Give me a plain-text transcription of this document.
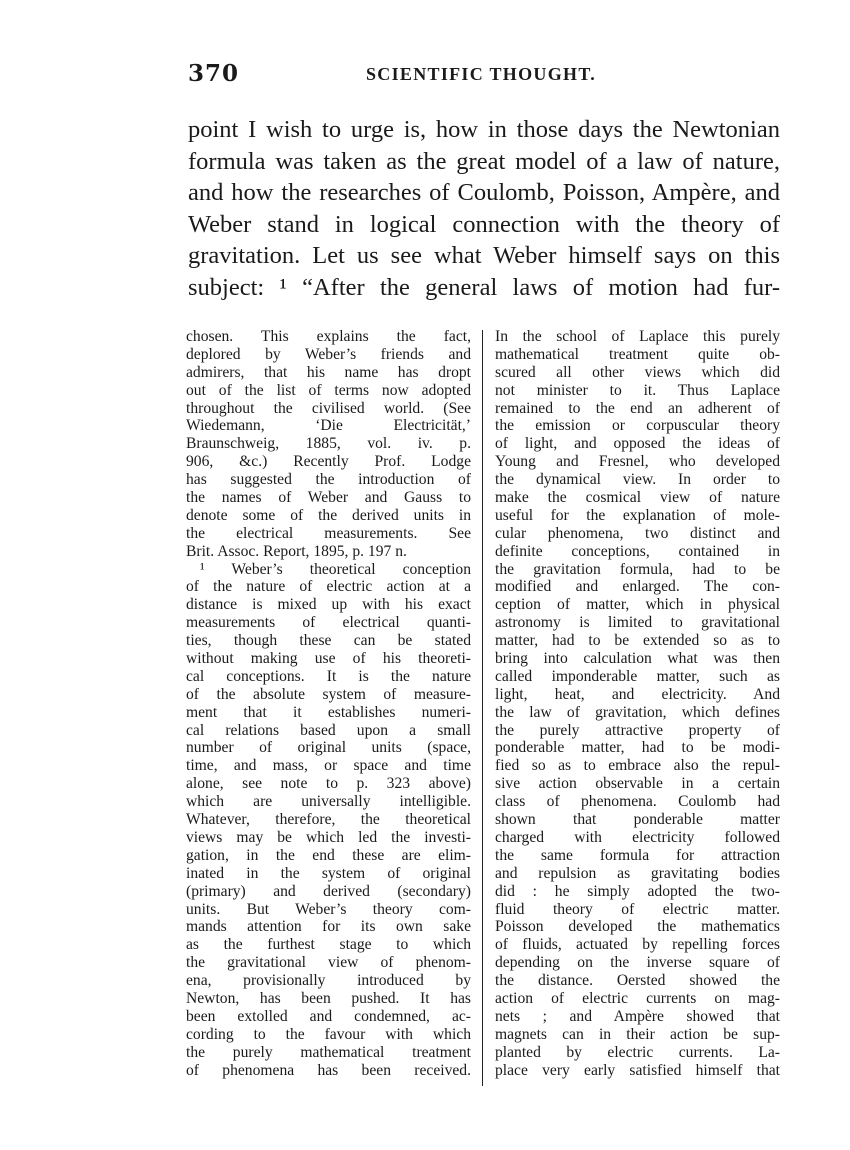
370	SCIENTIFIC THOUGHT.
point I wish to urge is, how in those days the Newtonian
formula was taken as the great model of a law of nature,
and how the researches of Coulomb, Poisson, Ampère, and
Weber stand in logical connection with the theory of
gravitation. Let us see what Weber himself says on this
subject: ¹ “After the general laws of motion had fur-
chosen. This explains the fact,
deplored by Weber’s friends and
admirers, that his name has dropt
out of the list of terms now adopted
throughout the civilised world. (See
Wiedemann, ‘Die Electricität,’
Braunschweig, 1885, vol. iv. p.
906, &c.) Recently Prof. Lodge
has suggested the introduction of
the names of Weber and Gauss to
denote some of the derived units in
the electrical measurements. See
Brit. Assoc. Report, 1895, p. 197 n.
¹ Weber’s theoretical conception
of the nature of electric action at a
distance is mixed up with his exact
measurements of electrical quanti-
ties, though these can be stated
without making use of his theoreti-
cal conceptions. It is the nature
of the absolute system of measure-
ment that it establishes numeri-
cal relations based upon a small
number of original units (space,
time, and mass, or space and time
alone, see note to p. 323 above)
which are universally intelligible.
Whatever, therefore, the theoretical
views may be which led the investi-
gation, in the end these are elim-
inated in the system of original
(primary) and derived (secondary)
units. But Weber’s theory com-
mands attention for its own sake
as the furthest stage to which
the gravitational view of phenom-
ena, provisionally introduced by
Newton, has been pushed. It has
been extolled and condemned, ac-
cording to the favour with which
the purely mathematical treatment
of phenomena has been received.
In the school of Laplace this purely
mathematical treatment quite ob-
scured all other views which did
not minister to it. Thus Laplace
remained to the end an adherent of
the emission or corpuscular theory
of light, and opposed the ideas of
Young and Fresnel, who developed
the dynamical view. In order to
make the cosmical view of nature
useful for the explanation of mole-
cular phenomena, two distinct and
definite conceptions, contained in
the gravitation formula, had to be
modified and enlarged. The con-
ception of matter, which in physical
astronomy is limited to gravitational
matter, had to be extended so as to
bring into calculation what was then
called imponderable matter, such as
light, heat, and electricity. And
the law of gravitation, which defines
the purely attractive property of
ponderable matter, had to be modi-
fied so as to embrace also the repul-
sive action observable in a certain
class of phenomena. Coulomb had
shown that ponderable matter
charged with electricity followed
the same formula for attraction
and repulsion as gravitating bodies
did : he simply adopted the two-
fluid theory of electric matter.
Poisson developed the mathematics
of fluids, actuated by repelling forces
depending on the inverse square of
the distance. Oersted showed the
action of electric currents on mag-
nets ; and Ampère showed that
magnets can in their action be sup-
planted by electric currents. La-
place very early satisfied himself that
